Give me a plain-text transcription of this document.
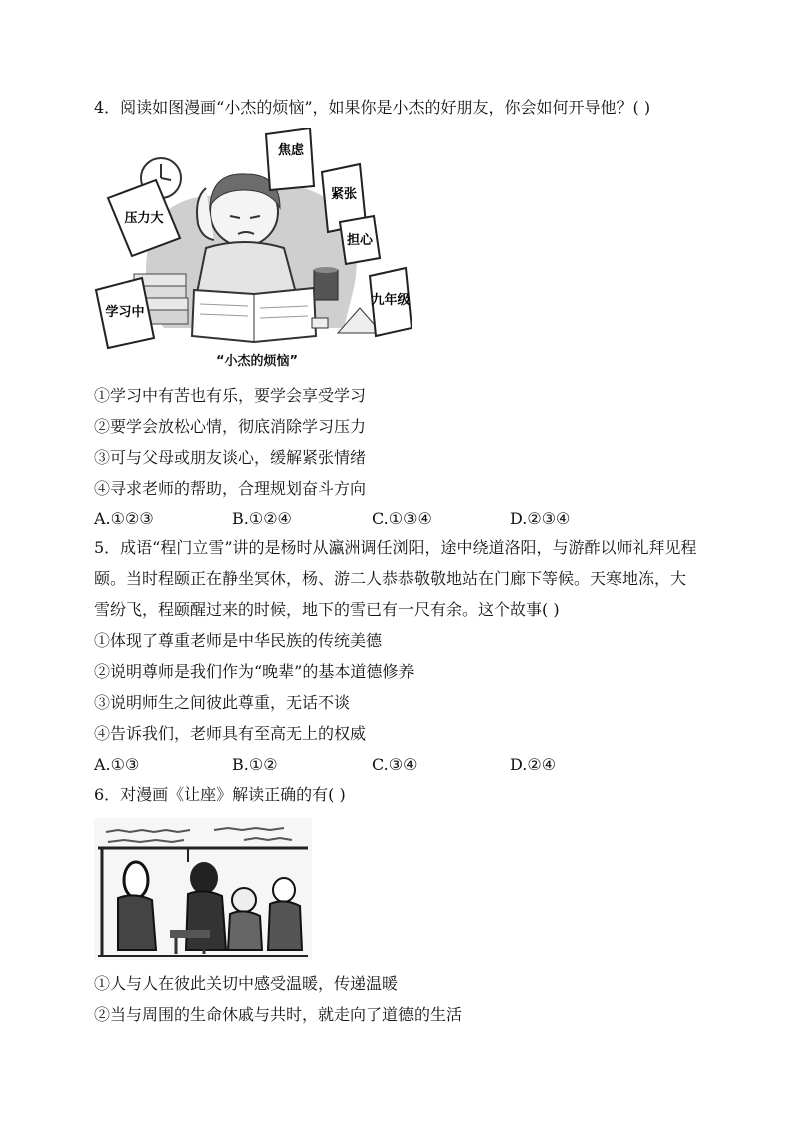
4．阅读如图漫画“小杰的烦恼”，如果你是小杰的好朋友，你会如何开导他？( )
焦虑
紧张
担心
压力大
学习中
九年级
“小杰的烦恼”
①学习中有苦也有乐，要学会享受学习
②要学会放松心情，彻底消除学习压力
③可与父母或朋友谈心，缓解紧张情绪
④寻求老师的帮助，合理规划奋斗方向
A.①②③	B.①②④	C.①③④	D.②③④
5．成语“程门立雪”讲的是杨时从瀛洲调任浏阳，途中绕道洛阳，与游酢以师礼拜见程
颐。当时程颐正在静坐冥休，杨、游二人恭恭敬敬地站在门廊下等候。天寒地冻，大
雪纷飞，程颐醒过来的时候，地下的雪已有一尺有余。这个故事( )
①体现了尊重老师是中华民族的传统美德
②说明尊师是我们作为“晚辈”的基本道德修养
③说明师生之间彼此尊重，无话不谈
④告诉我们，老师具有至高无上的权威
A.①③	B.①②	C.③④	D.②④
6．对漫画《让座》解读正确的有( )
①人与人在彼此关切中感受温暖，传递温暖
②当与周围的生命休戚与共时，就走向了道德的生活
